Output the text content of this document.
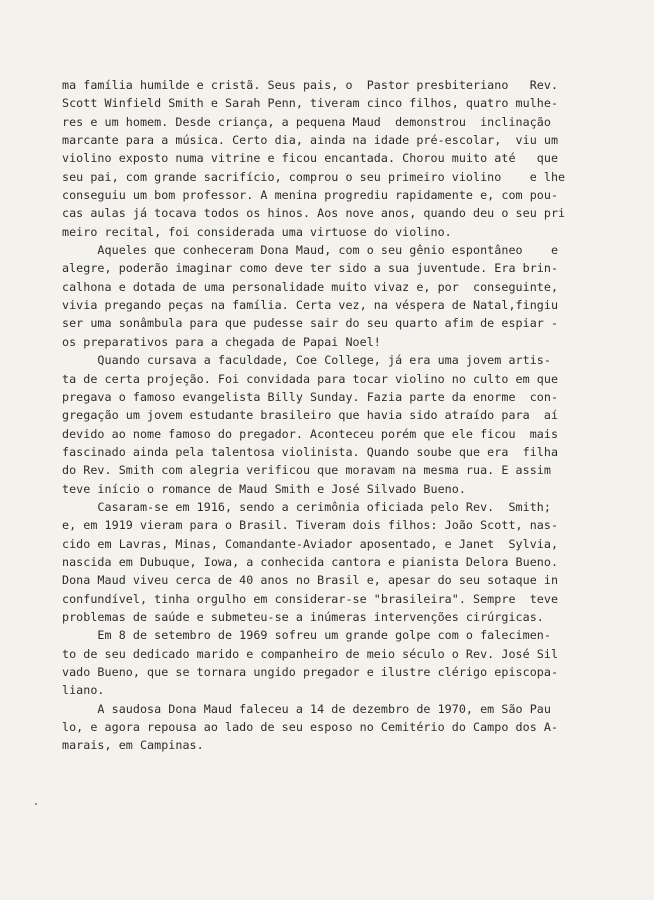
ma família humilde e cristã. Seus pais, o  Pastor presbiteriano   Rev.
Scott Winfield Smith e Sarah Penn, tiveram cinco filhos, quatro mulhe-
res e um homem. Desde criança, a pequena Maud  demonstrou  inclinação
marcante para a música. Certo dia, ainda na idade pré-escolar,  viu um
violino exposto numa vitrine e ficou encantada. Chorou muito até   que
seu pai, com grande sacrifício, comprou o seu primeiro violino    e lhe
conseguiu um bom professor. A menina progrediu rapidamente e, com pou-
cas aulas já tocava todos os hinos. Aos nove anos, quando deu o seu pri
meiro recital, foi considerada uma virtuose do violino.
Aqueles que conheceram Dona Maud, com o seu gênio espontâneo    e
alegre, poderão imaginar como deve ter sido a sua juventude. Era brin-
calhona e dotada de uma personalidade muito vivaz e, por  conseguinte,
vivia pregando peças na família. Certa vez, na véspera de Natal,fingiu
ser uma sonâmbula para que pudesse sair do seu quarto afim de espiar -
os preparativos para a chegada de Papai Noel!
Quando cursava a faculdade, Coe College, já era uma jovem artis-
ta de certa projeção. Foi convidada para tocar violino no culto em que
pregava o famoso evangelista Billy Sunday. Fazia parte da enorme  con-
gregação um jovem estudante brasileiro que havia sido atraído para  aí
devido ao nome famoso do pregador. Aconteceu porém que ele ficou  mais
fascinado ainda pela talentosa violinista. Quando soube que era  filha
do Rev. Smith com alegria verificou que moravam na mesma rua. E assim
teve início o romance de Maud Smith e José Silvado Bueno.
Casaram-se em 1916, sendo a cerimônia oficiada pelo Rev.  Smith;
e, em 1919 vieram para o Brasil. Tiveram dois filhos: João Scott, nas-
cido em Lavras, Minas, Comandante-Aviador aposentado, e Janet  Sylvia,
nascida em Dubuque, Iowa, a conhecida cantora e pianista Delora Bueno.
Dona Maud viveu cerca de 40 anos no Brasil e, apesar do seu sotaque in
confundível, tinha orgulho em considerar-se "brasileira". Sempre  teve
problemas de saúde e submeteu-se a inúmeras intervenções cirúrgicas.
Em 8 de setembro de 1969 sofreu um grande golpe com o falecimen-
to de seu dedicado marido e companheiro de meio século o Rev. José Sil
vado Bueno, que se tornara ungido pregador e ilustre clérigo episcopa-
liano.
A saudosa Dona Maud faleceu a 14 de dezembro de 1970, em São Pau
lo, e agora repousa ao lado de seu esposo no Cemitério do Campo dos A-
marais, em Campinas.
